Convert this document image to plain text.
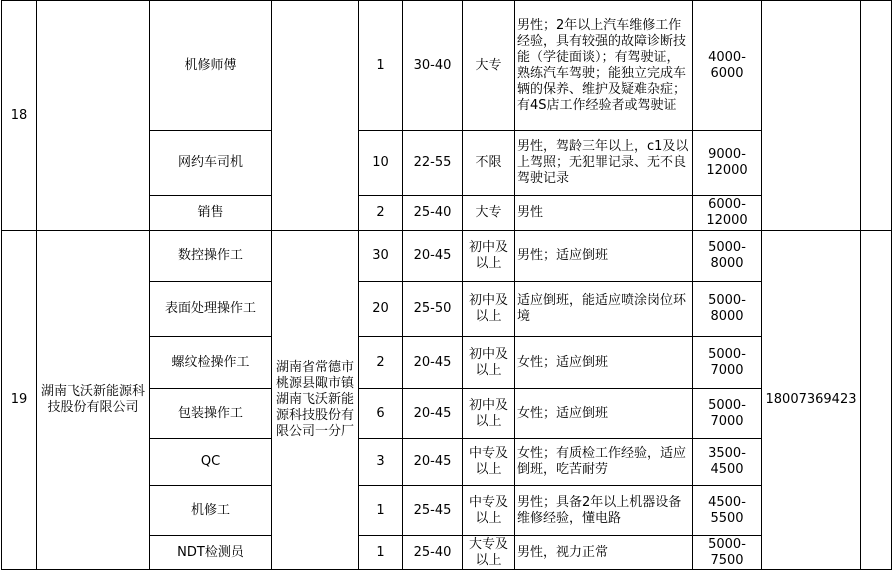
18		机修师傅		1	30-40	大专	男性；2年以上汽车维修工作经验，具有较强的故障诊断技能（学徒面谈）；有驾驶证，熟练汽车驾驶；能独立完成车辆的保养、维护及疑难杂症；有4S店工作经验者或驾驶证	4000-6000		
		网约车司机		10	22-55	不限	男性，驾龄三年以上，c1及以上驾照；无犯罪记录、无不良驾驶记录	9000-12000		
		销售		2	25-40	大专	男性	6000-12000		
19	湖南飞沃新能源科技股份有限公司	数控操作工	湖南省常德市桃源县陬市镇湖南飞沃新能源科技股份有限公司一分厂	30	20-45	初中及以上	男性；适应倒班	5000-8000	18007369423	
		表面处理操作工		20	25-50	初中及以上	适应倒班，能适应喷涂岗位环境	5000-8000		
		螺纹检操作工		2	20-45	初中及以上	女性；适应倒班	5000-7000		
		包装操作工		6	20-45	初中及以上	女性；适应倒班	5000-7000		
		QC		3	20-45	中专及以上	女性；有质检工作经验，适应倒班，吃苦耐劳	3500-4500		
		机修工		1	25-45	中专及以上	男性；具备2年以上机器设备维修经验，懂电路	4500-5500		
		NDT检测员		1	25-40	大专及以上	男性，视力正常	5000-7500		
